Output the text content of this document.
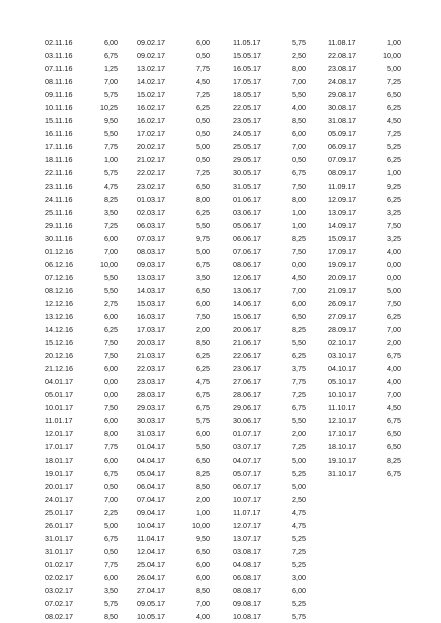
02.11.16	6,00
03.11.16	6,75
07.11.16	1,25
08.11.16	7,00
09.11.16	5,75
10.11.16	10,25
15.11.16	9,50
16.11.16	5,50
17.11.16	7,75
18.11.16	1,00
22.11.16	5,75
23.11.16	4,75
24.11.16	8,25
25.11.16	3,50
29.11.16	7,25
30.11.16	6,00
01.12.16	7,00
06.12.16	10,00
07.12.16	5,50
08.12.16	5,50
12.12.16	2,75
13.12.16	6,00
14.12.16	6,25
15.12.16	7,50
20.12.16	7,50
21.12.16	6,00
04.01.17	0,00
05.01.17	0,00
10.01.17	7,50
11.01.17	6,00
12.01.17	8,00
17.01.17	7,75
18.01.17	6,00
19.01.17	6,75
20.01.17	0,50
24.01.17	7,00
25.01.17	2,25
26.01.17	5,00
31.01.17	6,75
31.01.17	0,50
01.02.17	7,75
02.02.17	6,00
03.02.17	3,50
07.02.17	5,75
08.02.17	8,50
09.02.17	6,00
09.02.17	0,50
13.02.17	7,75
14.02.17	4,50
15.02.17	7,25
16.02.17	6,25
16.02.17	0,50
17.02.17	0,50
20.02.17	5,00
21.02.17	0,50
22.02.17	7,25
23.02.17	6,50
01.03.17	8,00
02.03.17	6,25
06.03.17	5,50
07.03.17	9,75
08.03.17	5,00
09.03.17	6,75
13.03.17	3,50
14.03.17	6,50
15.03.17	6,00
16.03.17	7,50
17.03.17	2,00
20.03.17	8,50
21.03.17	6,25
22.03.17	6,25
23.03.17	4,75
28.03.17	6,75
29.03.17	6,75
30.03.17	5,75
31.03.17	6,00
01.04.17	5,50
04.04.17	6,50
05.04.17	8,25
06.04.17	8,50
07.04.17	2,00
09.04.17	1,00
10.04.17	10,00
11.04.17	9,50
12.04.17	6,50
25.04.17	6,00
26.04.17	6,00
27.04.17	8,50
09.05.17	7,00
10.05.17	4,00
11.05.17	5,75
15.05.17	2,50
16.05.17	8,00
17.05.17	7,00
18.05.17	5,50
22.05.17	4,00
23.05.17	8,50
24.05.17	6,00
25.05.17	7,00
29.05.17	0,50
30.05.17	6,75
31.05.17	7,50
01.06.17	8,00
03.06.17	1,00
05.06.17	1,00
06.06.17	8,25
07.06.17	7,50
08.06.17	0,00
12.06.17	4,50
13.06.17	7,00
14.06.17	6,00
15.06.17	6,50
20.06.17	8,25
21.06.17	5,50
22.06.17	6,25
23.06.17	3,75
27.06.17	7,75
28.06.17	7,25
29.06.17	6,75
30.06.17	5,50
01.07.17	2,00
03.07.17	7,25
04.07.17	5,00
05.07.17	5,25
06.07.17	5,00
10.07.17	2,50
11.07.17	4,75
12.07.17	4,75
13.07.17	5,25
03.08.17	7,25
04.08.17	5,25
06.08.17	3,00
08.08.17	6,00
09.08.17	5,25
10.08.17	5,75
11.08.17	1,00
22.08.17	10,00
23.08.17	5,00
24.08.17	7,25
29.08.17	6,50
30.08.17	6,25
31.08.17	4,50
05.09.17	7,25
06.09.17	5,25
07.09.17	6,25
08.09.17	1,00
11.09.17	9,25
12.09.17	6,25
13.09.17	3,25
14.09.17	7,50
15.09.17	3,25
17.09.17	4,00
19.09.17	0,00
20.09.17	0,00
21.09.17	5,00
26.09.17	7,50
27.09.17	6,25
28.09.17	7,00
02.10.17	2,00
03.10.17	6,75
04.10.17	4,00
05.10.17	4,00
10.10.17	7,00
11.10.17	4,50
12.10.17	6,75
17.10.17	6,50
18.10.17	6,50
19.10.17	8,25
31.10.17	6,75
